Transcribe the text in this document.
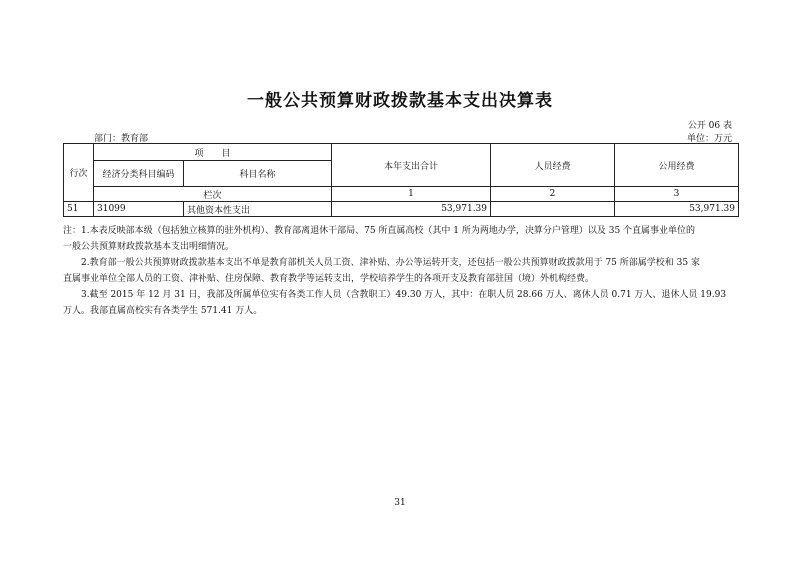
一般公共预算财政拨款基本支出决算表
公开 06 表
部门：教育部	单位：万元
行次	项　　目		本年支出合计	人员经费	公用经费
	经济分类科目编码	科目名称			
	栏次		1	2	3
51	31099	其他资本性支出	53,971.39		53,971.39

注：1.本表反映部本级（包括独立核算的驻外机构）、教育部离退休干部局、75 所直属高校（其中 1 所为两地办学，决算分户管理）以及 35 个直属事业单位的

一般公共预算财政拨款基本支出明细情况。

2.教育部一般公共预算财政拨款基本支出不单是教育部机关人员工资、津补贴、办公等运转开支，还包括一般公共预算财政拨款用于 75 所部属学校和 35 家

直属事业单位全部人员的工资、津补贴、住房保障、教育教学等运转支出，学校培养学生的各项开支及教育部驻国（境）外机构经费。

3.截至 2015 年 12 月 31 日，我部及所属单位实有各类工作人员（含教职工）49.30 万人，其中：在职人员 28.66 万人、离休人员 0.71 万人、退休人员 19.93

万人。我部直属高校实有各类学生 571.41 万人。

31
